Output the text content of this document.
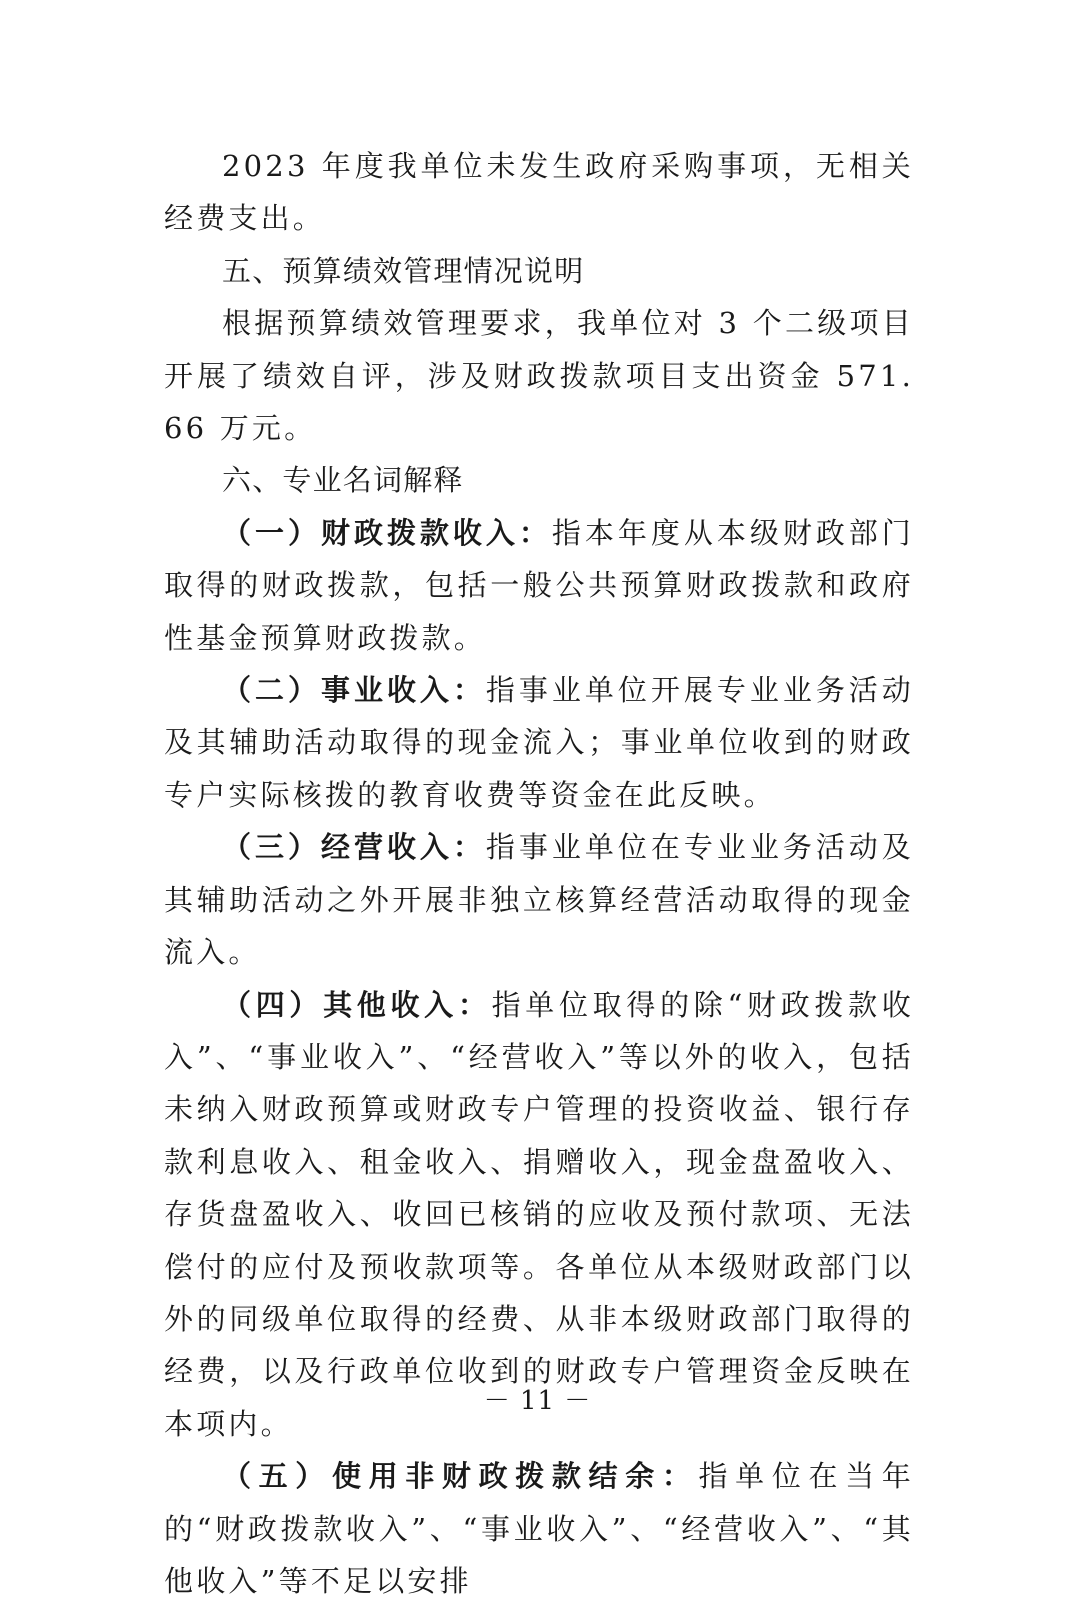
2023 年度我单位未发生政府采购事项，无相关经费支出。

五、预算绩效管理情况说明

根据预算绩效管理要求，我单位对 3 个二级项目开展了绩效自评，涉及财政拨款项目支出资金 571.66 万元。

六、专业名词解释

（一）财政拨款收入：指本年度从本级财政部门取得的财政拨款，包括一般公共预算财政拨款和政府性基金预算财政拨款。

（二）事业收入：指事业单位开展专业业务活动及其辅助活动取得的现金流入；事业单位收到的财政专户实际核拨的教育收费等资金在此反映。

（三）经营收入：指事业单位在专业业务活动及其辅助活动之外开展非独立核算经营活动取得的现金流入。

（四）其他收入：指单位取得的除“财政拨款收入”、“事业收入”、“经营收入”等以外的收入，包括未纳入财政预算或财政专户管理的投资收益、银行存款利息收入、租金收入、捐赠收入，现金盘盈收入、存货盘盈收入、收回已核销的应收及预付款项、无法偿付的应付及预收款项等。各单位从本级财政部门以外的同级单位取得的经费、从非本级财政部门取得的经费，以及行政单位收到的财政专户管理资金反映在本项内。

（五）使用非财政拨款结余：指单位在当年的“财政拨款收入”、“事业收入”、“经营收入”、“其他收入”等不足以安排

－ 11 －
